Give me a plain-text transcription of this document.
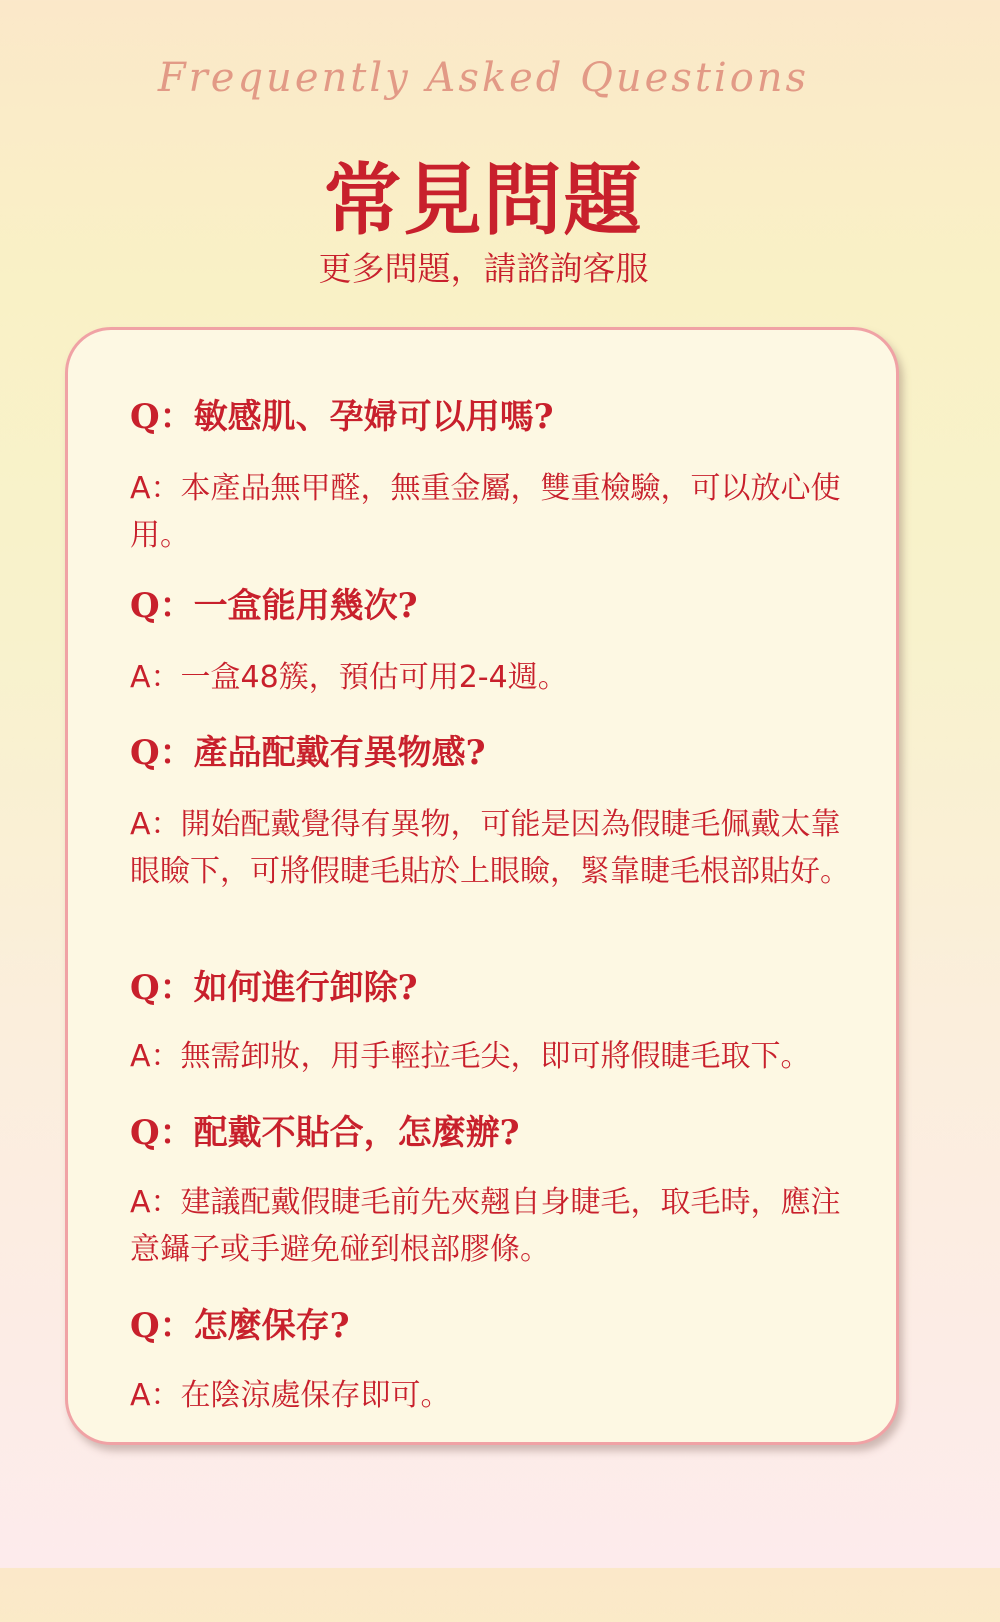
Frequently Asked Questions
常見問題
更多問題，請諮詢客服
Q：敏感肌、孕婦可以用嗎?
A：本產品無甲醛，無重金屬，雙重檢驗，可以放心使用。
Q：一盒能用幾次?
A：一盒48簇，預估可用2-4週。
Q：產品配戴有異物感?
A：開始配戴覺得有異物，可能是因為假睫毛佩戴太靠眼瞼下，可將假睫毛貼於上眼瞼，緊靠睫毛根部貼好。
Q：如何進行卸除?
A：無需卸妝，用手輕拉毛尖，即可將假睫毛取下。
Q：配戴不貼合，怎麼辦?
A：建議配戴假睫毛前先夾翹自身睫毛，取毛時，應注意鑷子或手避免碰到根部膠條。
Q：怎麼保存?
A：在陰涼處保存即可。
